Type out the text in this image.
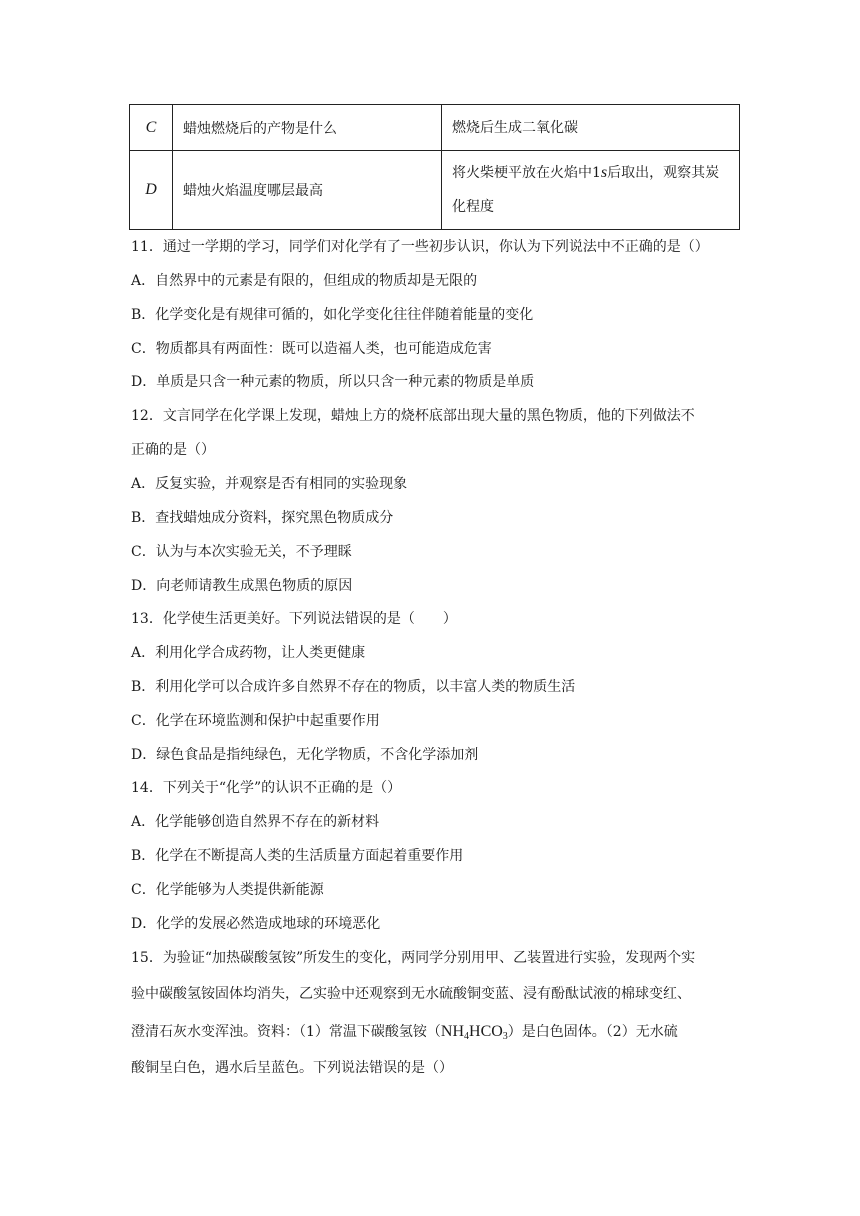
C	蜡烛燃烧后的产物是什么	燃烧后生成二氧化碳
D	蜡烛火焰温度哪层最高	将火柴梗平放在火焰中1s后取出，观察其炭
化程度
11．通过一学期的学习，同学们对化学有了一些初步认识，你认为下列说法中不正确的是（）
A．自然界中的元素是有限的，但组成的物质却是无限的
B．化学变化是有规律可循的，如化学变化往往伴随着能量的变化
C．物质都具有两面性：既可以造福人类，也可能造成危害
D．单质是只含一种元素的物质，所以只含一种元素的物质是单质
12．文言同学在化学课上发现，蜡烛上方的烧杯底部出现大量的黑色物质，他的下列做法不
正确的是（）
A．反复实验，并观察是否有相同的实验现象
B．查找蜡烛成分资料，探究黑色物质成分
C．认为与本次实验无关，不予理睬
D．向老师请教生成黑色物质的原因
13．化学使生活更美好。下列说法错误的是（　　）
A．利用化学合成药物，让人类更健康
B．利用化学可以合成许多自然界不存在的物质，以丰富人类的物质生活
C．化学在环境监测和保护中起重要作用
D．绿色食品是指纯绿色，无化学物质，不含化学添加剂
14．下列关于“化学”的认识不正确的是（）
A．化学能够创造自然界不存在的新材料
B．化学在不断提高人类的生活质量方面起着重要作用
C．化学能够为人类提供新能源
D．化学的发展必然造成地球的环境恶化
15．为验证“加热碳酸氢铵”所发生的变化，两同学分别用甲、乙装置进行实验，发现两个实
验中碳酸氢铵固体均消失，乙实验中还观察到无水硫酸铜变蓝、浸有酚酞试液的棉球变红、
澄清石灰水变浑浊。资料：（1）常温下碳酸氢铵$(NH_4HCO_3)$是白色固体。（2）无水硫
酸铜呈白色，遇水后呈蓝色。下列说法错误的是（）
